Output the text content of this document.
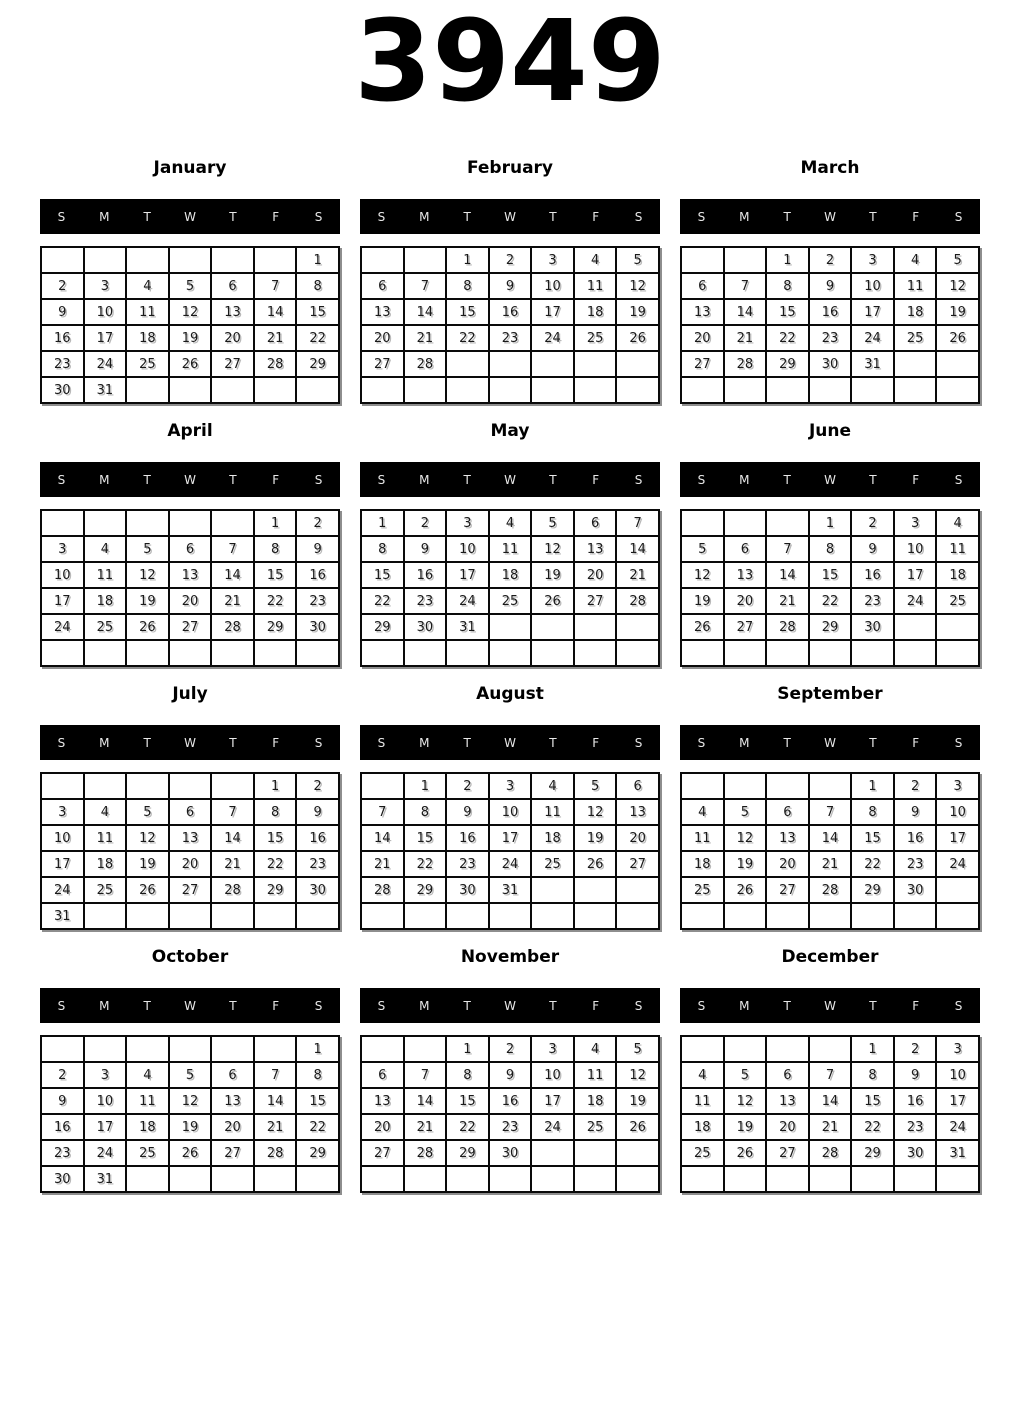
3949
January
S	M	T	W	T	F	S
						1
2	3	4	5	6	7	8
9	10	11	12	13	14	15
16	17	18	19	20	21	22
23	24	25	26	27	28	29
30	31					
February
S	M	T	W	T	F	S
		1	2	3	4	5
6	7	8	9	10	11	12
13	14	15	16	17	18	19
20	21	22	23	24	25	26
27	28					

March
S	M	T	W	T	F	S
		1	2	3	4	5
6	7	8	9	10	11	12
13	14	15	16	17	18	19
20	21	22	23	24	25	26
27	28	29	30	31		

April
S	M	T	W	T	F	S
					1	2
3	4	5	6	7	8	9
10	11	12	13	14	15	16
17	18	19	20	21	22	23
24	25	26	27	28	29	30

May
S	M	T	W	T	F	S
1	2	3	4	5	6	7
8	9	10	11	12	13	14
15	16	17	18	19	20	21
22	23	24	25	26	27	28
29	30	31				

June
S	M	T	W	T	F	S
			1	2	3	4
5	6	7	8	9	10	11
12	13	14	15	16	17	18
19	20	21	22	23	24	25
26	27	28	29	30		

July
S	M	T	W	T	F	S
					1	2
3	4	5	6	7	8	9
10	11	12	13	14	15	16
17	18	19	20	21	22	23
24	25	26	27	28	29	30
31						
August
S	M	T	W	T	F	S
	1	2	3	4	5	6
7	8	9	10	11	12	13
14	15	16	17	18	19	20
21	22	23	24	25	26	27
28	29	30	31			

September
S	M	T	W	T	F	S
				1	2	3
4	5	6	7	8	9	10
11	12	13	14	15	16	17
18	19	20	21	22	23	24
25	26	27	28	29	30	

October
S	M	T	W	T	F	S
						1
2	3	4	5	6	7	8
9	10	11	12	13	14	15
16	17	18	19	20	21	22
23	24	25	26	27	28	29
30	31					
November
S	M	T	W	T	F	S
		1	2	3	4	5
6	7	8	9	10	11	12
13	14	15	16	17	18	19
20	21	22	23	24	25	26
27	28	29	30			

December
S	M	T	W	T	F	S
				1	2	3
4	5	6	7	8	9	10
11	12	13	14	15	16	17
18	19	20	21	22	23	24
25	26	27	28	29	30	31
